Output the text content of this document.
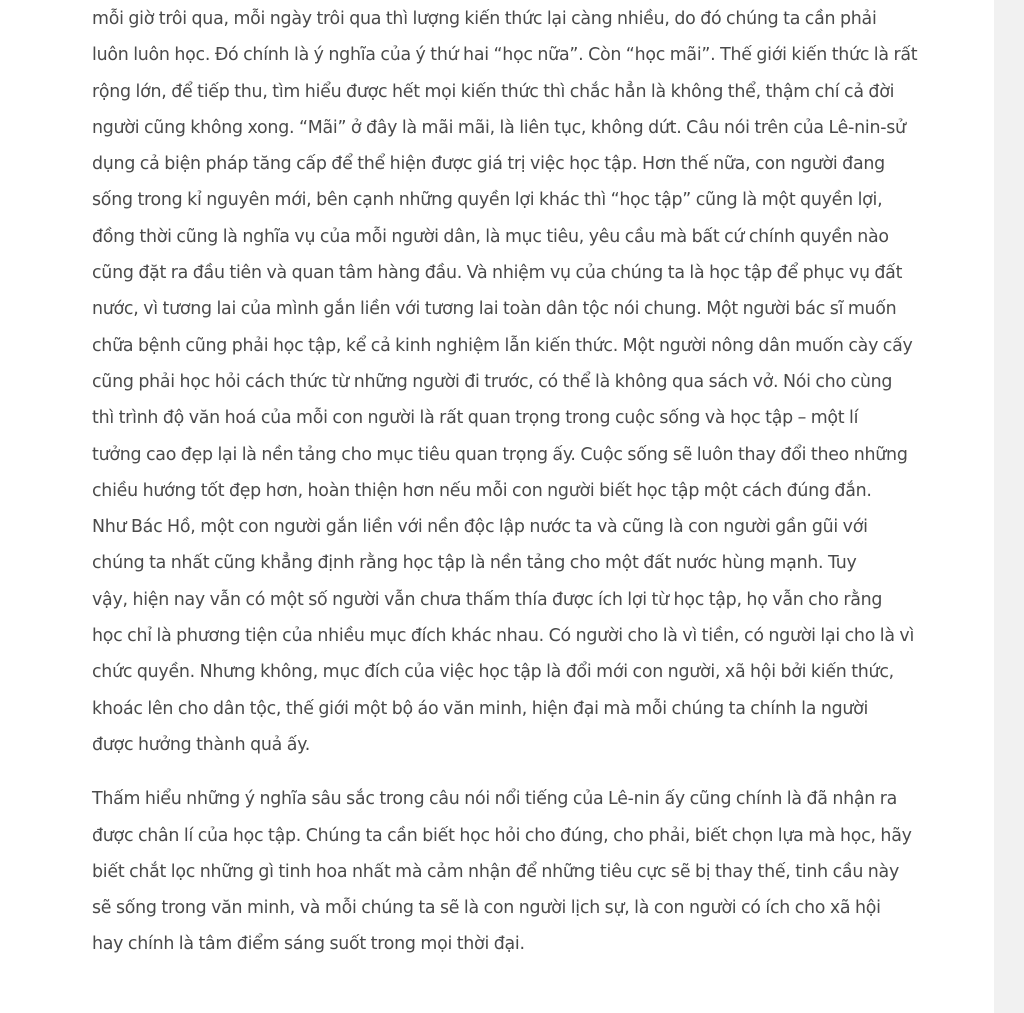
mỗi giờ trôi qua, mỗi ngày trôi qua thì lượng kiến thức lại càng nhiều, do đó chúng ta cần phải
luôn luôn học. Đó chính là ý nghĩa của ý thứ hai “học nữa”. Còn “học mãi”. Thế giới kiến thức là rất
rộng lớn, để tiếp thu, tìm hiểu được hết mọi kiến thức thì chắc hẳn là không thể, thậm chí cả đời
người cũng không xong. “Mãi” ở đây là mãi mãi, là liên tục, không dứt. Câu nói trên của Lê-nin-sử
dụng cả biện pháp tăng cấp để thể hiện được giá trị việc học tập. Hơn thế nữa, con người đang
sống trong kỉ nguyên mới, bên cạnh những quyền lợi khác thì “học tập” cũng là một quyền lợi,
đồng thời cũng là nghĩa vụ của mỗi người dân, là mục tiêu, yêu cầu mà bất cứ chính quyền nào
cũng đặt ra đầu tiên và quan tâm hàng đầu. Và nhiệm vụ của chúng ta là học tập để phục vụ đất
nước, vì tương lai của mình gắn liền với tương lai toàn dân tộc nói chung. Một người bác sĩ muốn
chữa bệnh cũng phải học tập, kể cả kinh nghiệm lẫn kiến thức. Một người nông dân muốn cày cấy
cũng phải học hỏi cách thức từ những người đi trước, có thể là không qua sách vở. Nói cho cùng
thì trình độ văn hoá của mỗi con người là rất quan trọng trong cuộc sống và học tập – một lí
tưởng cao đẹp lại là nền tảng cho mục tiêu quan trọng ấy. Cuộc sống sẽ luôn thay đổi theo những
chiều hướng tốt đẹp hơn, hoàn thiện hơn nếu mỗi con người biết học tập một cách đúng đắn.
Như Bác Hồ, một con người gắn liền với nền độc lập nước ta và cũng là con người gần gũi với
chúng ta nhất cũng khẳng định rằng học tập là nền tảng cho một đất nước hùng mạnh. Tuy
vậy, hiện nay vẫn có một số người vẫn chưa thấm thía được ích lợi từ học tập, họ vẫn cho rằng
học chỉ là phương tiện của nhiều mục đích khác nhau. Có người cho là vì tiền, có người lại cho là vì
chức quyền. Nhưng không, mục đích của việc học tập là đổi mới con người, xã hội bởi kiến thức,
khoác lên cho dân tộc, thế giới một bộ áo văn minh, hiện đại mà mỗi chúng ta chính la người
được hưởng thành quả ấy.

Thấm hiểu những ý nghĩa sâu sắc trong câu nói nổi tiếng của Lê-nin ấy cũng chính là đã nhận ra
được chân lí của học tập. Chúng ta cần biết học hỏi cho đúng, cho phải, biết chọn lựa mà học, hãy
biết chắt lọc những gì tinh hoa nhất mà cảm nhận để những tiêu cực sẽ bị thay thế, tinh cầu này
sẽ sống trong văn minh, và mỗi chúng ta sẽ là con người lịch sự, là con người có ích cho xã hội
hay chính là tâm điểm sáng suốt trong mọi thời đại.
